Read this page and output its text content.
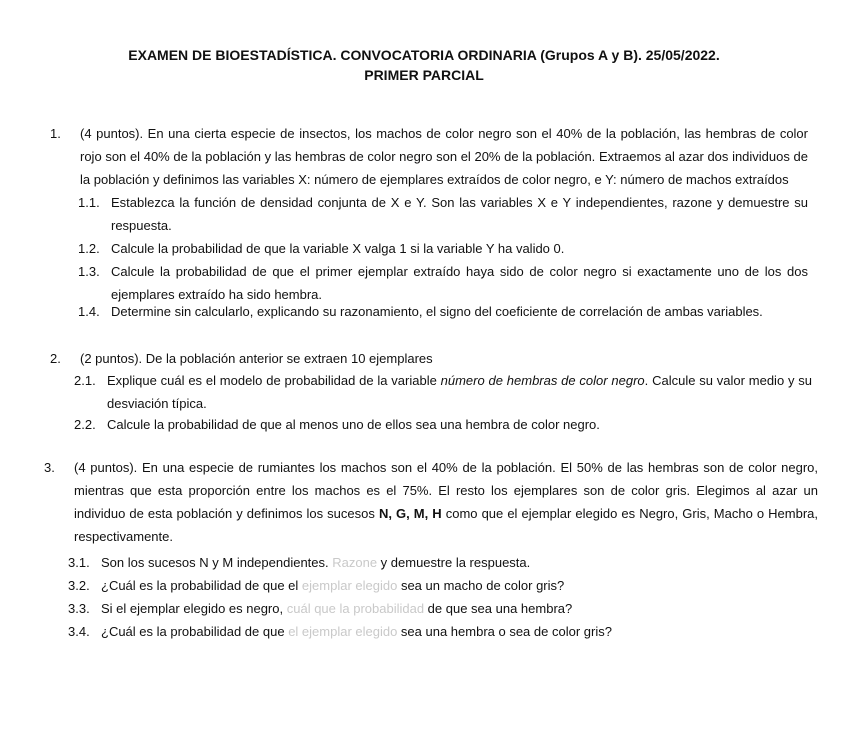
EXAMEN DE BIOESTADÍSTICA. CONVOCATORIA ORDINARIA (Grupos A y B). 25/05/2022.
PRIMER PARCIAL
1. (4 puntos). En una cierta especie de insectos, los machos de color negro son el 40% de la población, las hembras de color rojo son el 40% de la población y las hembras de color negro son el 20% de la población. Extraemos al azar dos individuos de la población y definimos las variables X: número de ejemplares extraídos de color negro, e Y: número de machos extraídos
1.1. Establezca la función de densidad conjunta de X e Y. Son las variables X e Y independientes, razone y demuestre su respuesta.
1.2. Calcule la probabilidad de que la variable X valga 1 si la variable Y ha valido 0.
1.3. Calcule la probabilidad de que el primer ejemplar extraído haya sido de color negro si exactamente uno de los dos ejemplares extraído ha sido hembra.
1.4. Determine sin calcularlo, explicando su razonamiento, el signo del coeficiente de correlación de ambas variables.
2. (2 puntos). De la población anterior se extraen 10 ejemplares
2.1. Explique cuál es el modelo de probabilidad de la variable número de hembras de color negro. Calcule su valor medio y su desviación típica.
2.2. Calcule la probabilidad de que al menos uno de ellos sea una hembra de color negro.
3. (4 puntos). En una especie de rumiantes los machos son el 40% de la población. El 50% de las hembras son de color negro, mientras que esta proporción entre los machos es el 75%. El resto los ejemplares son de color gris. Elegimos al azar un individuo de esta población y definimos los sucesos N, G, M, H como que el ejemplar elegido es Negro, Gris, Macho o Hembra, respectivamente.
3.1. Son los sucesos N y M independientes. Razone y demuestre la respuesta.
3.2. ¿Cuál es la probabilidad de que el ejemplar elegido sea un macho de color gris?
3.3. Si el ejemplar elegido es negro, cuál que la probabilidad de que sea una hembra?
3.4. ¿Cuál es la probabilidad de que el ejemplar elegido sea una hembra o sea de color gris?
